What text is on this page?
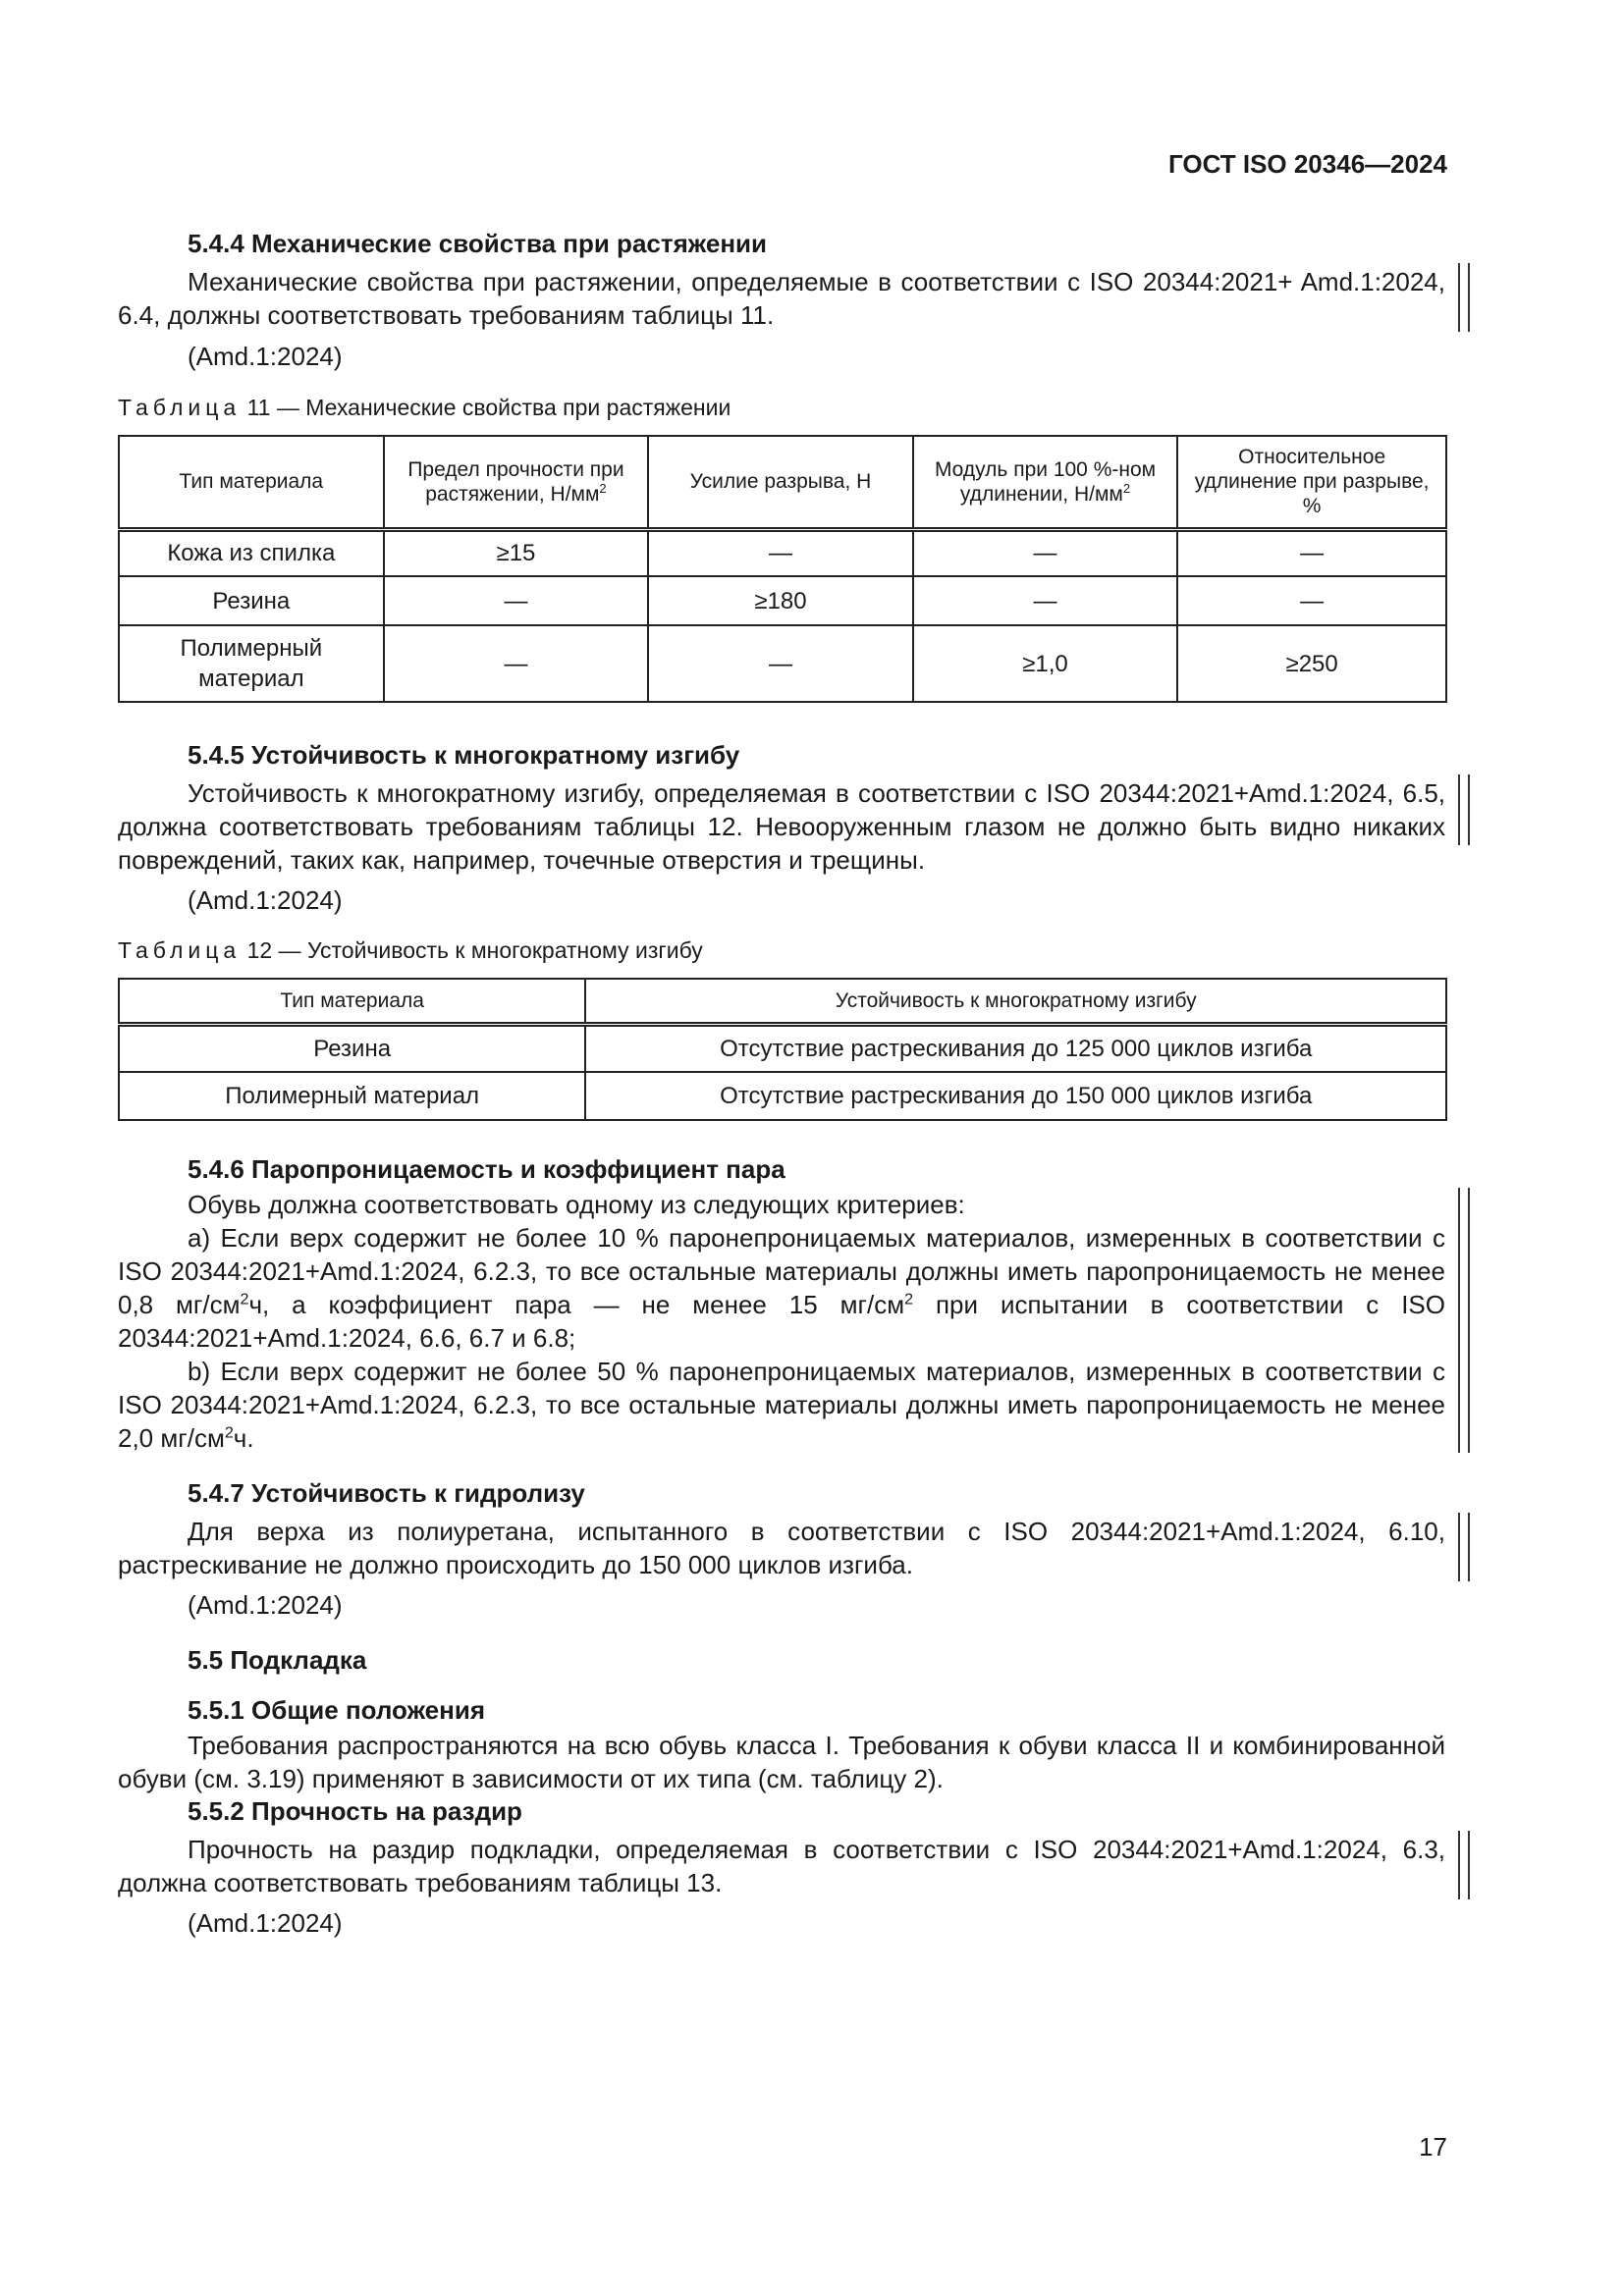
ГОСТ ISO 20346—2024
5.4.4 Механические свойства при растяжении
Механические свойства при растяжении, определяемые в соответствии с ISO 20344:2021+ Amd.1:2024, 6.4, должны соответствовать требованиям таблицы 11.
(Amd.1:2024)
Таблица 11 — Механические свойства при растяжении
Тип материала	Предел прочности при растяжении, $Н/мм^2$	Усилие разрыва, Н	Модуль при 100 %-ном удлинении, $Н/мм^2$	Относительное удлинение при разрыве, %
Кожа из спилка	≥15	—	—	—
Резина	—	≥180	—	—
Полимерный материал	—	—	≥1,0	≥250
5.4.5 Устойчивость к многократному изгибу
Устойчивость к многократному изгибу, определяемая в соответствии с ISO 20344:2021+Amd.1:2024, 6.5, должна соответствовать требованиям таблицы 12. Невооруженным глазом не должно быть видно никаких повреждений, таких как, например, точечные отверстия и трещины.
(Amd.1:2024)
Таблица 12 — Устойчивость к многократному изгибу
Тип материала	Устойчивость к многократному изгибу
Резина	Отсутствие растрескивания до 125 000 циклов изгиба
Полимерный материал	Отсутствие растрескивания до 150 000 циклов изгиба
5.4.6 Паропроницаемость и коэффициент пара
Обувь должна соответствовать одному из следующих критериев:
а) Если верх содержит не более 10 % паронепроницаемых материалов, измеренных в соответствии с ISO 20344:2021+Amd.1:2024, 6.2.3, то все остальные материалы должны иметь паропроницаемость не менее 0,8 $мг/см^2ч$, а коэффициент пара — не менее 15 $мг/см^2$ при испытании в соответствии с ISO 20344:2021+Amd.1:2024, 6.6, 6.7 и 6.8;
b) Если верх содержит не более 50 % паронепроницаемых материалов, измеренных в соответствии с ISO 20344:2021+Amd.1:2024, 6.2.3, то все остальные материалы должны иметь паропроницаемость не менее 2,0 $мг/см^2ч$.
5.4.7 Устойчивость к гидролизу
Для верха из полиуретана, испытанного в соответствии с ISO 20344:2021+Amd.1:2024, 6.10, растрескивание не должно происходить до 150 000 циклов изгиба.
(Amd.1:2024)
5.5 Подкладка
5.5.1 Общие положения
Требования распространяются на всю обувь класса I. Требования к обуви класса II и комбинированной обуви (см. 3.19) применяют в зависимости от их типа (см. таблицу 2).
5.5.2 Прочность на раздир
Прочность на раздир подкладки, определяемая в соответствии с ISO 20344:2021+Amd.1:2024, 6.3, должна соответствовать требованиям таблицы 13.
(Amd.1:2024)
17
